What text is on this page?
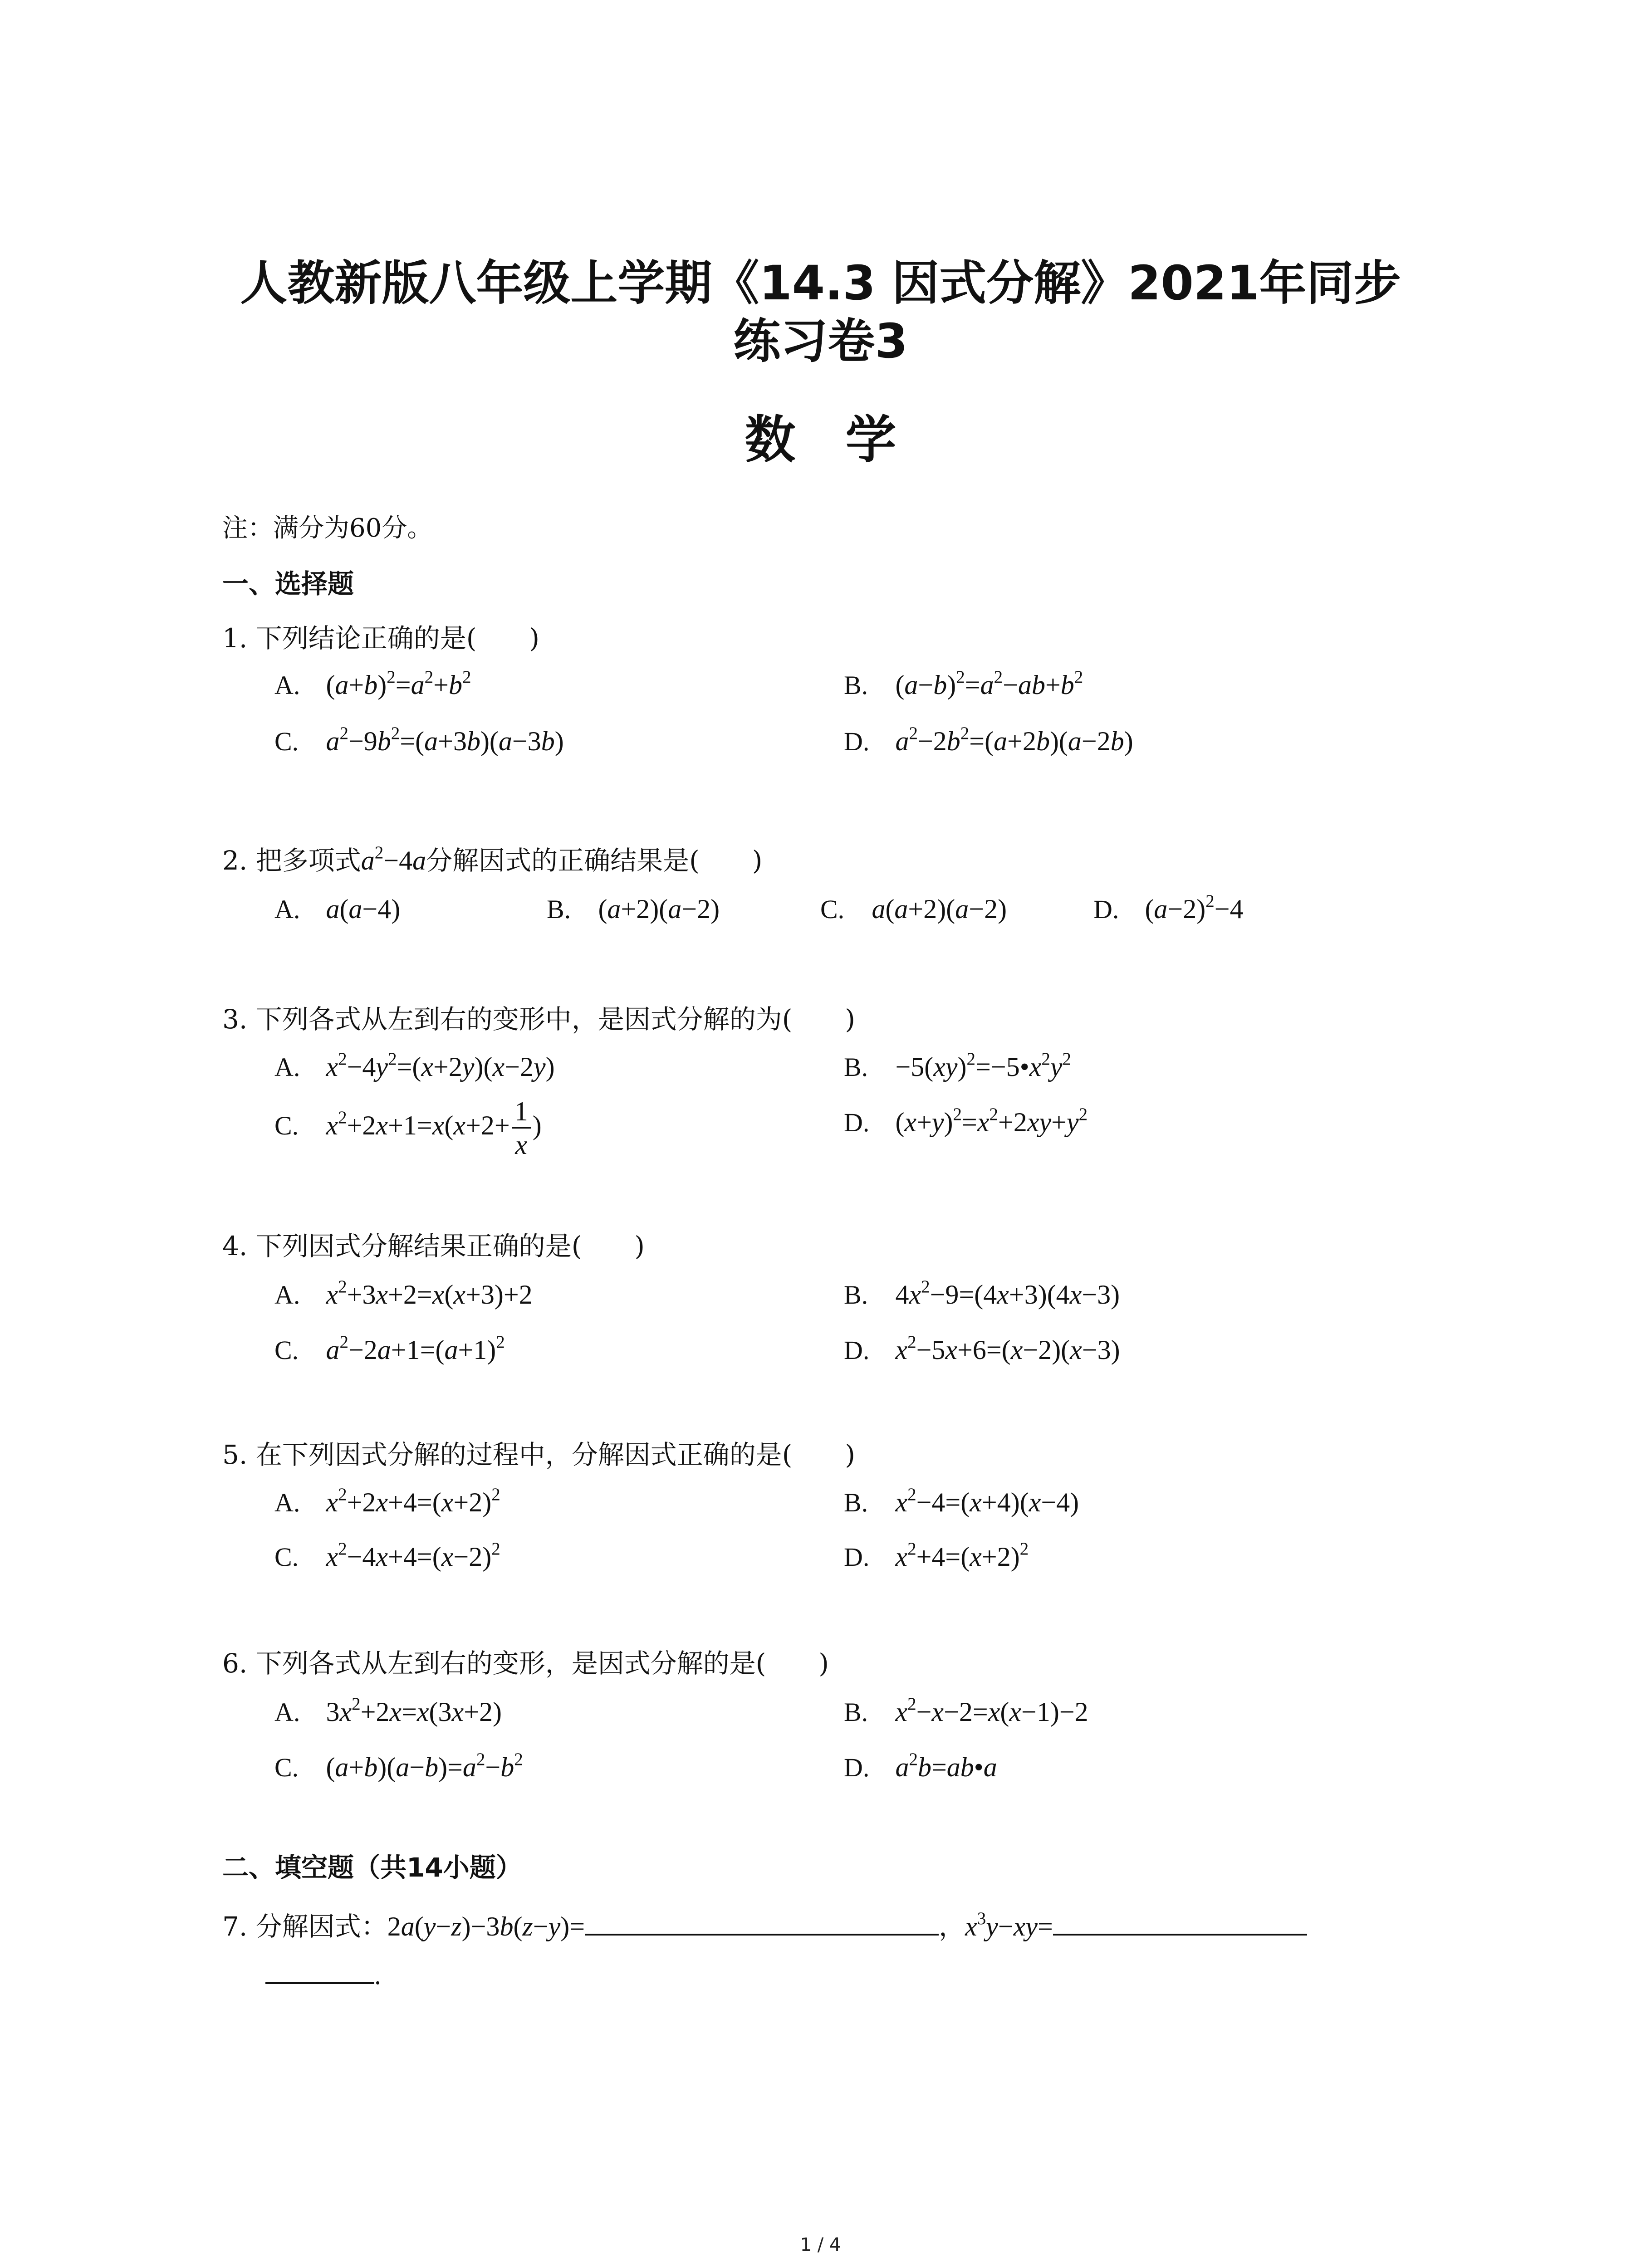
人教新版八年级上学期《14.3 因式分解》2021年同步
练习卷3
数学
注：满分为60分。
一、选择题
1. 下列结论正确的是(　　)
A. $(a+b)^2=a^2+b^2$	B. $(a-b)^2=a^2-ab+b^2$
C. $a^2-9b^2=(a+3b)(a-3b)$	D. $a^2-2b^2=(a+2b)(a-2b)$
2. 把多项式$a^2-4a$分解因式的正确结果是(　　)
A. a(a−4)	B. (a+2)(a−2)	C. a(a+2)(a−2)	D. $(a-2)^2-4$
3. 下列各式从左到右的变形中，是因式分解的为(　　)
A. $x^2-4y^2=(x+2y)(x-2y)$	B. $-5(xy)^2=-5•x^2y^2$
C. $x^2+2x+1=x(x+2+ \frac{1}{x}$ )	D. $(x+y)^2=x^2+2xy+y^2$
4. 下列因式分解结果正确的是(　　)
A. $x^2+3x+2=x(x+3)+2$	B. $4x^2-9=(4x+3)(4x-3)$
C. $a^2-2a+1=(a+1)^2$	D. $x^2-5x+6=(x-2)(x-3)$
5. 在下列因式分解的过程中，分解因式正确的是(　　)
A. $x^2+2x+4=(x+2)^2$	B. $x^2-4=(x+4)(x-4)$
C. $x^2-4x+4=(x-2)^2$	D. $x^2+4=(x+2)^2$
6. 下列各式从左到右的变形，是因式分解的是(　　)
A. $3x^2+2x=x(3x+2)$	B. $x^2-x-2=x(x-1)-2$
C. $(a+b)(a-b)=a^2-b^2$	D. $a^2b=ab•a$
二、填空题（共14小题）
7. 分解因式：2a(y−z)−3b(z−y)=	，$x^3y-xy=$
.
1 / 4
